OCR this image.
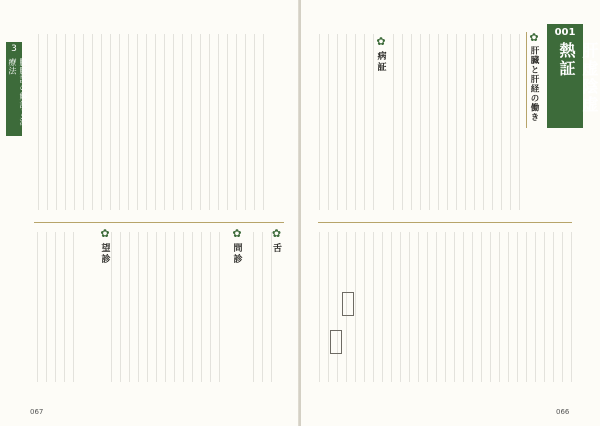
3
臓腑証の解説と治療法
✿
舌
✿
問診
✿
望診
067
001
肝虚陰虚熱証
✿
肝臓と肝経の働き
✿
病証
066
